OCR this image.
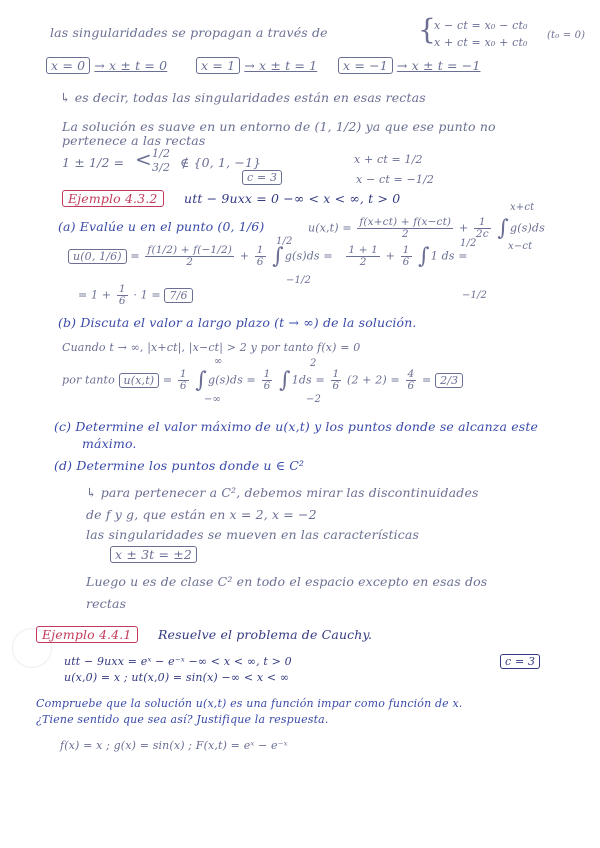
las singularidades se propagan a través de	{
x − ct = x₀ − ct₀
x + ct = x₀ + ct₀
(t₀ = 0)
x = 0 → x ± t = 0	x = 1 → x ± t = 1	x = −1 → x ± t = −1
↳ es decir, todas las singularidades están en esas rectas
La solución es suave en un entorno de (1, 1/2) ya que ese punto no
pertenece a las rectas
1 ± 1/2 = < 1/2
3/2 ∉ {0, 1, −1}
c = 3
x + ct = 1/2
x − ct = −1/2
Ejemplo 4.3.2	utt − 9uxx = 0 −∞ < x < ∞, t > 0
(a) Evalúe u en el punto (0, 1/6)	$u(x,t) = \frac{f(x+ct) + f(x-ct)}{2} + \frac{1}{2c} \int g(s)ds$
x+ct
x−ct
u(0, $1/6) = \frac{f(1/2) + f(-1/2)}{2} + \frac{1}{6} \int g(s)ds = \frac{1 + 1}{2} + \frac{1}{6} \int 1$ ds =
1/2
−1/2
1/2
−1/2
= $1 + \frac{1}{6} \cdot 1 = 7/6$
(b) Discuta el valor a largo plazo (t → ∞) de la solución.
Cuando t → ∞, |x+ct|, |x−ct| > 2 y por tanto f(x) = 0
por tanto $u(x,t) = \frac{1}{6} \int g(s)ds = \frac{1}{6} \int 1ds = \frac{1}{6} (2 + 2) = \frac{4}{6} = 2/3$
∞
−∞
2
−2
(c) Determine el valor máximo de u(x,t) y los puntos donde se alcanza este
máximo.
(d) Determine los puntos donde u ∈ C²
↳ para pertenecer a C², debemos mirar las discontinuidades
de f y g, que están en x = 2, x = −2
las singularidades se mueven en las características
x ± 3t = ±2
Luego u es de clase C² en todo el espacio excepto en esas dos
rectas
Ejemplo 4.4.1	Resuelve el problema de Cauchy.
utt − 9uxx = eˣ − e⁻ˣ −∞ < x < ∞, t > 0	c = 3
u(x,0) = x ; ut(x,0) = sin(x) −∞ < x < ∞
Compruebe que la solución u(x,t) es una función impar como función de x.
¿Tiene sentido que sea así? Justifique la respuesta.
f(x) = x ; g(x) = sin(x) ; F(x,t) = eˣ − e⁻ˣ
